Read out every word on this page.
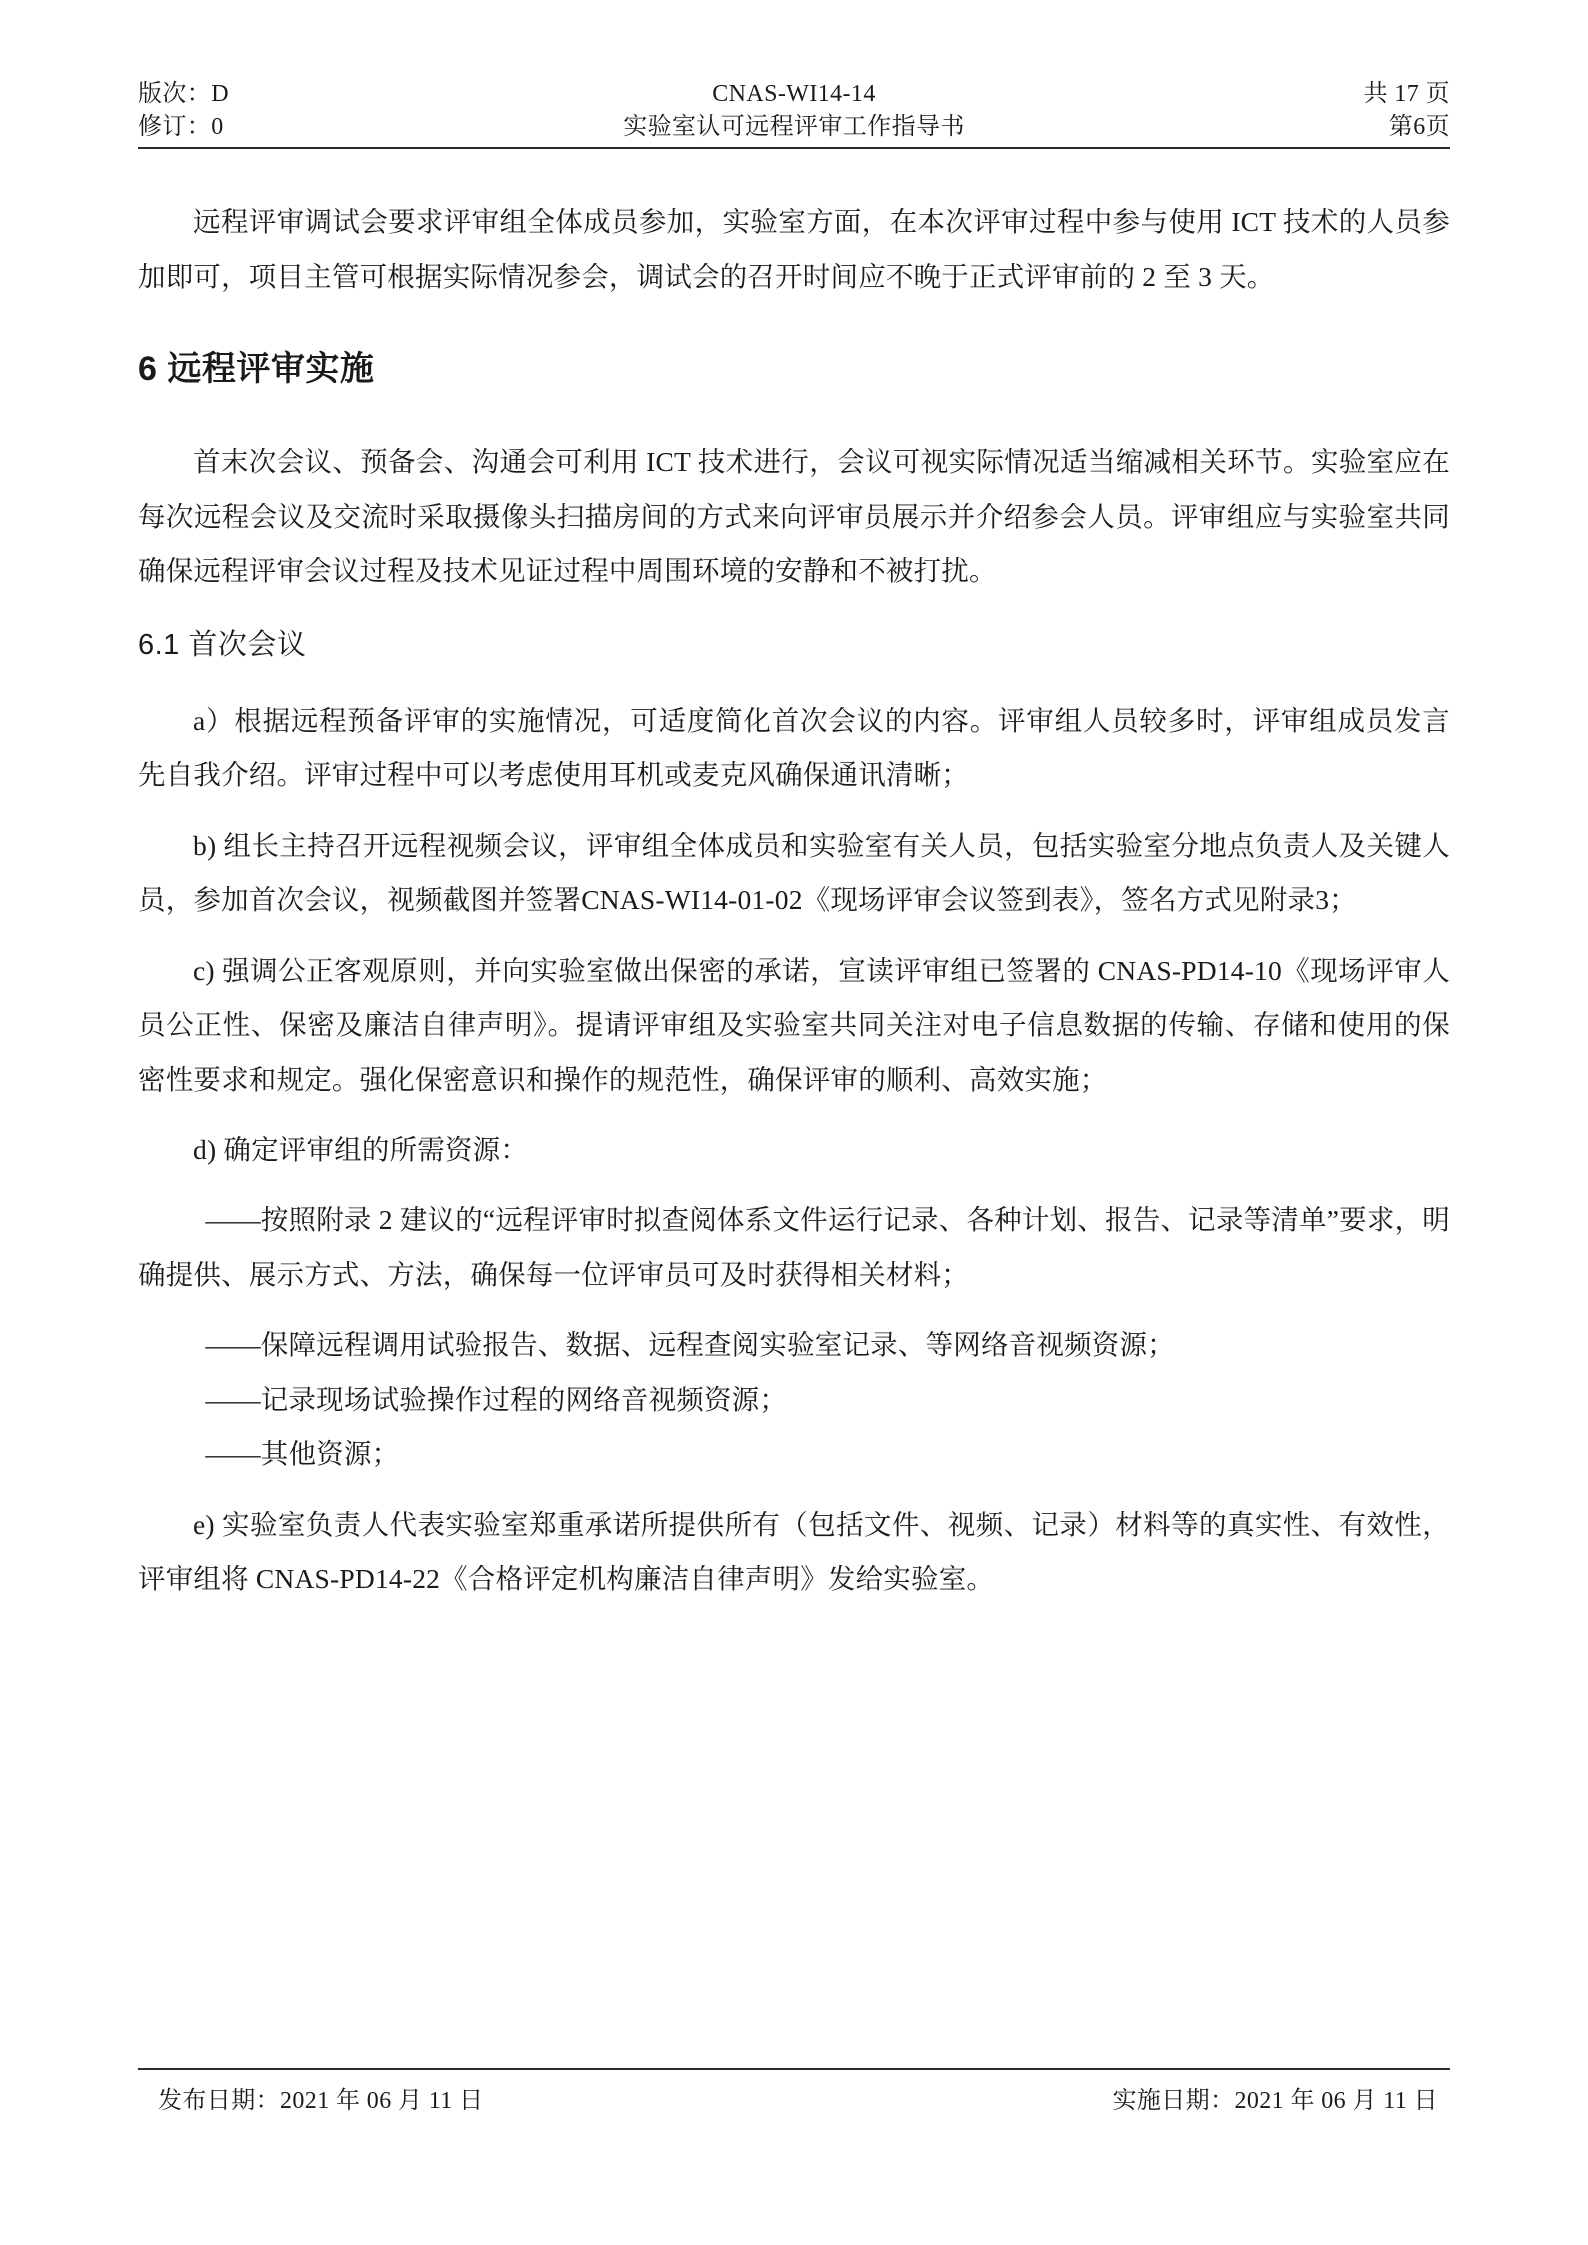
版次：D	CNAS-WI14-14	共 17 页
修订：0	实验室认可远程评审工作指导书	第6页

远程评审调试会要求评审组全体成员参加，实验室方面，在本次评审过程中参与使用 ICT 技术的人员参加即可，项目主管可根据实际情况参会，调试会的召开时间应不晚于正式评审前的 2 至 3 天。

6 远程评审实施

首末次会议、预备会、沟通会可利用 ICT 技术进行，会议可视实际情况适当缩减相关环节。实验室应在每次远程会议及交流时采取摄像头扫描房间的方式来向评审员展示并介绍参会人员。评审组应与实验室共同确保远程评审会议过程及技术见证过程中周围环境的安静和不被打扰。

6.1 首次会议

a）根据远程预备评审的实施情况，可适度简化首次会议的内容。评审组人员较多时，评审组成员发言先自我介绍。评审过程中可以考虑使用耳机或麦克风确保通讯清晰；

b) 组长主持召开远程视频会议，评审组全体成员和实验室有关人员，包括实验室分地点负责人及关键人员，参加首次会议，视频截图并签署CNAS-WI14-01-02《现场评审会议签到表》，签名方式见附录3；

c) 强调公正客观原则，并向实验室做出保密的承诺，宣读评审组已签署的 CNAS-PD14-10《现场评审人员公正性、保密及廉洁自律声明》。提请评审组及实验室共同关注对电子信息数据的传输、存储和使用的保密性要求和规定。强化保密意识和操作的规范性，确保评审的顺利、高效实施；

d) 确定评审组的所需资源：

——按照附录 2 建议的“远程评审时拟查阅体系文件运行记录、各种计划、报告、记录等清单”要求，明确提供、展示方式、方法，确保每一位评审员可及时获得相关材料；

——保障远程调用试验报告、数据、远程查阅实验室记录、等网络音视频资源；

——记录现场试验操作过程的网络音视频资源；

——其他资源；

e) 实验室负责人代表实验室郑重承诺所提供所有（包括文件、视频、记录）材料等的真实性、有效性，评审组将 CNAS-PD14-22《合格评定机构廉洁自律声明》发给实验室。

发布日期：2021 年 06 月 11 日	实施日期：2021 年 06 月 11 日
